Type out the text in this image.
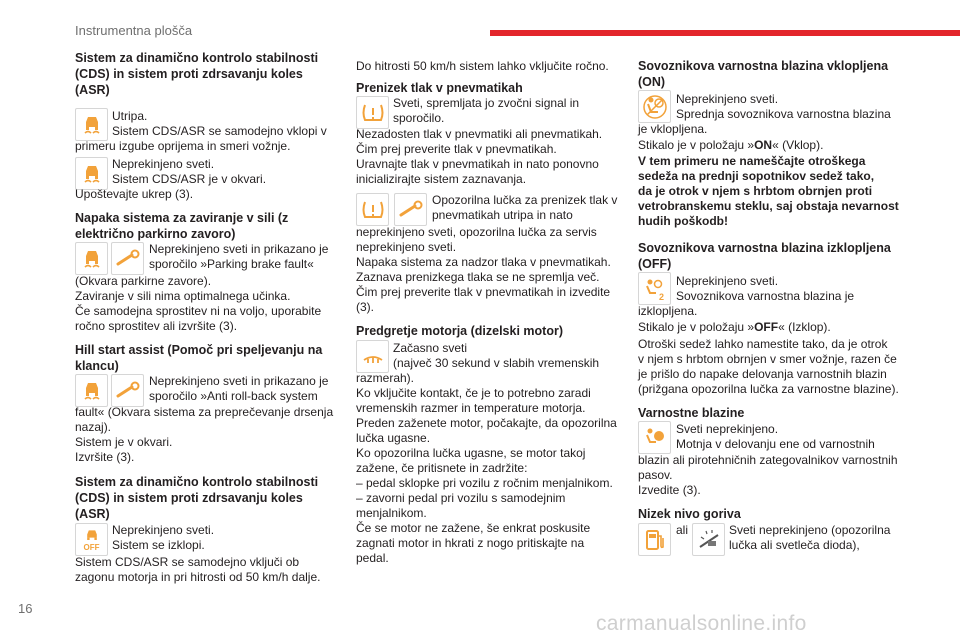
Instrumentna plošča
16
carmanualsonline.info
Sistem za dinamično kontrolo stabilnosti
(CDS) in sistem proti zdrsavanju koles
(ASR)
Utripa.
Sistem CDS/ASR se samodejno vklopi v
primeru izgube oprijema in smeri vožnje.
Neprekinjeno sveti.
Sistem CDS/ASR je v okvari.
Upoštevajte ukrep (3).
Napaka sistema za zaviranje v sili (z
električno parkirno zavoro)
Neprekinjeno sveti in prikazano je
sporočilo »Parking brake fault«
(Okvara parkirne zavore).
Zaviranje v sili nima optimalnega učinka.
Če samodejna sprostitev ni na voljo, uporabite
ročno sprostitev ali izvršite (3).
Hill start assist (Pomoč pri speljevanju na
klancu)
Neprekinjeno sveti in prikazano je
sporočilo »Anti roll-back system
fault« (Okvara sistema za preprečevanje drsenja
nazaj).
Sistem je v okvari.
Izvršite (3).
Sistem za dinamično kontrolo stabilnosti
(CDS) in sistem proti zdrsavanju koles
(ASR)
OFF
Neprekinjeno sveti.
Sistem se izklopi.
Sistem CDS/ASR se samodejno vključi ob
zagonu motorja in pri hitrosti od 50 km/h dalje.
Do hitrosti 50 km/h sistem lahko vključite ročno.
Prenizek tlak v pnevmatikah
Sveti, spremljata jo zvočni signal in
sporočilo.
Nezadosten tlak v pnevmatiki ali pnevmatikah.
Čim prej preverite tlak v pnevmatikah.
Uravnajte tlak v pnevmatikah in nato ponovno
inicializirajte sistem zaznavanja.
Opozorilna lučka za prenizek tlak v
pnevmatikah utripa in nato
neprekinjeno sveti, opozorilna lučka za servis
neprekinjeno sveti.
Napaka sistema za nadzor tlaka v pnevmatikah.
Zaznava prenizkega tlaka se ne spremlja več.
Čim prej preverite tlak v pnevmatikah in izvedite
(3).
Predgretje motorja (dizelski motor)
Začasno sveti
(največ 30 sekund v slabih vremenskih
razmerah).
Ko vključite kontakt, če je to potrebno zaradi
vremenskih razmer in temperature motorja.
Preden zaženete motor, počakajte, da opozorilna
lučka ugasne.
Ko opozorilna lučka ugasne, se motor takoj
zažene, če pritisnete in zadržite:
– pedal sklopke pri vozilu z ročnim menjalnikom.
– zavorni pedal pri vozilu s samodejnim
menjalnikom.
Če se motor ne zažene, še enkrat poskusite
zagnati motor in hkrati z nogo pritiskajte na
pedal.
Sovoznikova varnostna blazina vklopljena
(ON)
Neprekinjeno sveti.
Sprednja sovoznikova varnostna blazina
je vklopljena.
Stikalo je v položaju »ON« (Vklop).
V tem primeru ne nameščajte otroškega
sedeža na prednji sopotnikov sedež tako,
da je otrok v njem s hrbtom obrnjen proti
vetrobranskemu steklu, saj obstaja nevarnost
hudih poškodb!
Sovoznikova varnostna blazina izklopljena
(OFF)
2
Neprekinjeno sveti.
Sovoznikova varnostna blazina je
izklopljena.
Stikalo je v položaju »OFF« (Izklop).
Otroški sedež lahko namestite tako, da je otrok
v njem s hrbtom obrnjen v smer vožnje, razen če
je prišlo do napake delovanja varnostnih blazin
(prižgana opozorilna lučka za varnostne blazine).
Varnostne blazine
Sveti neprekinjeno.
Motnja v delovanju ene od varnostnih
blazin ali pirotehničnih zategovalnikov varnostnih
pasov.
Izvedite (3).
Nizek nivo goriva
ali	Sveti neprekinjeno (opozorilna
lučka ali svetleča dioda),
